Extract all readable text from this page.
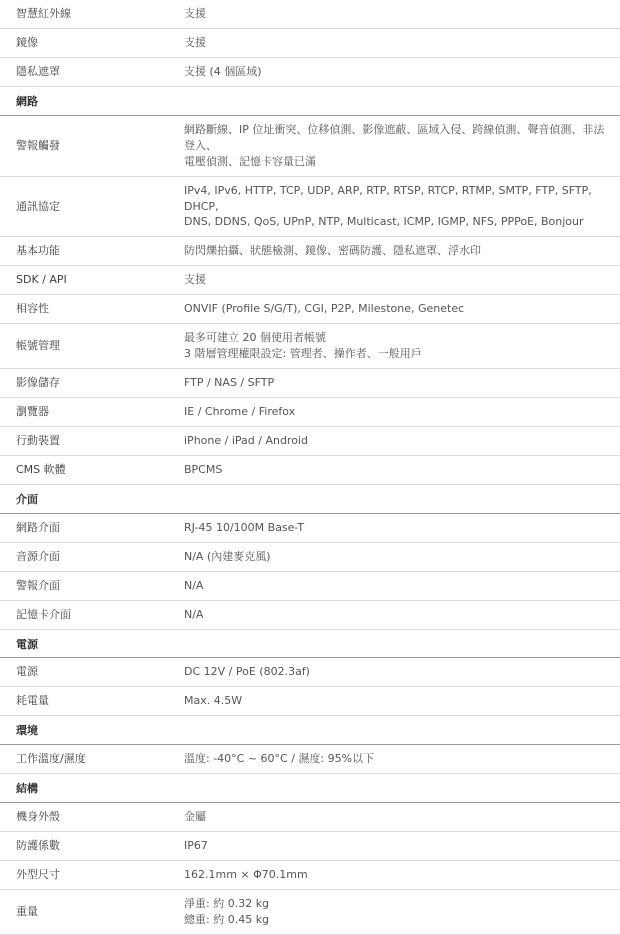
智慧紅外線	支援

鏡像	支援

隱私遮罩	支援 (4 個區域)

網路	
警報觸發	網路斷線、IP 位址衝突、位移偵測、影像遮蔽、區域入侵、跨線偵測、聲音偵測、非法登入、
電壓偵測、記憶卡容量已滿

通訊協定	IPv4, IPv6, HTTP, TCP, UDP, ARP, RTP, RTSP, RTCP, RTMP, SMTP, FTP, SFTP, DHCP,
DNS, DDNS, QoS, UPnP, NTP, Multicast, ICMP, IGMP, NFS, PPPoE, Bonjour

基本功能	防閃爍拍攝、狀態檢測、鏡像、密碼防護、隱私遮罩、浮水印

SDK / API	支援

相容性	ONVIF (Profile S/G/T), CGI, P2P, Milestone, Genetec

帳號管理	最多可建立 20 個使用者帳號
3 階層管理權限設定: 管理者、操作者、一般用戶

影像儲存	FTP / NAS / SFTP

瀏覽器	IE / Chrome / Firefox

行動裝置	iPhone / iPad / Android

CMS 軟體	BPCMS

介面	
網路介面	RJ-45 10/100M Base-T

音源介面	N/A (內建麥克風)

警報介面	N/A

記憶卡介面	N/A

電源	
電源	DC 12V / PoE (802.3af)

耗電量	Max. 4.5W

環境	
工作溫度/濕度	溫度: -40°C ~ 60°C / 濕度: 95%以下

結構	
機身外殼	金屬

防護係數	IP67

外型尺寸	162.1mm × Φ70.1mm

重量	淨重: 約 0.32 kg
總重: 約 0.45 kg
